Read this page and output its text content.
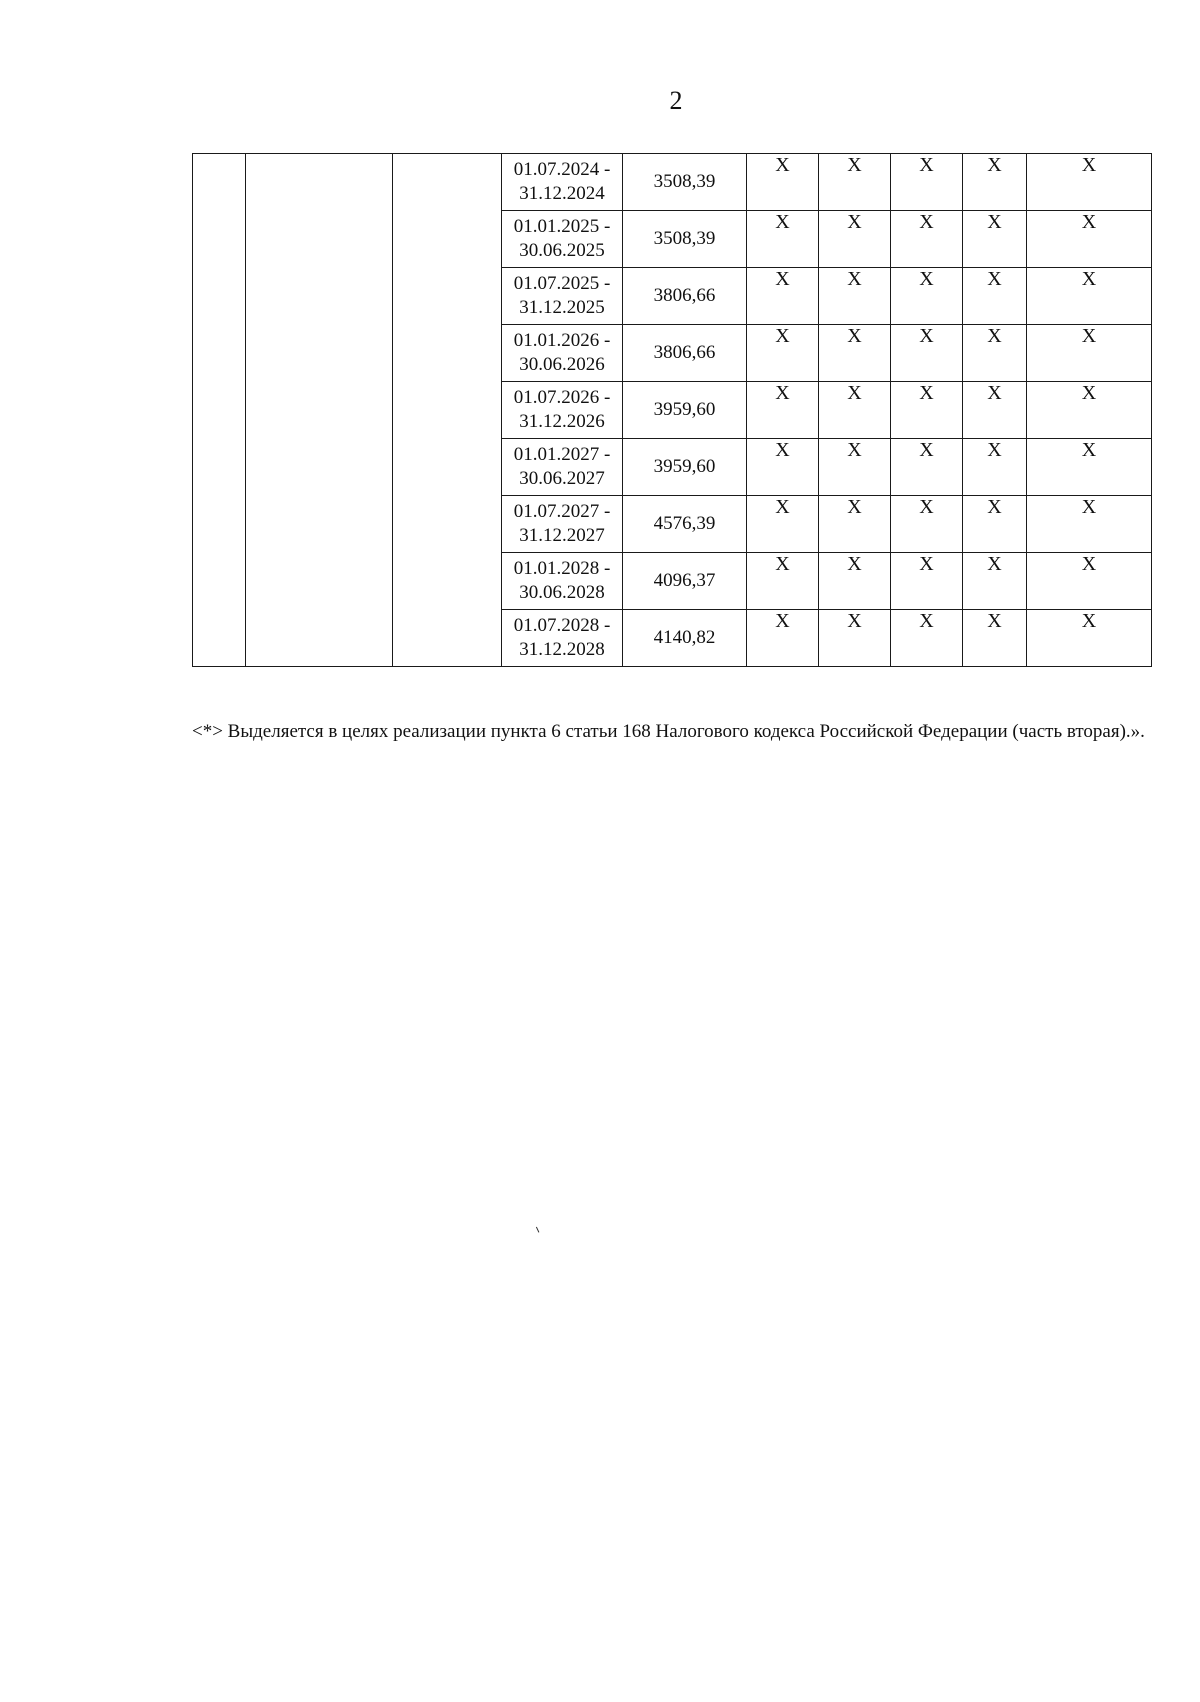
2

			01.07.2024 -
31.12.2024	3508,39	Х	Х	Х	Х	Х

			01.01.2025 -
30.06.2025	3508,39	Х	Х	Х	Х	Х

			01.07.2025 -
31.12.2025	3806,66	Х	Х	Х	Х	Х

			01.01.2026 -
30.06.2026	3806,66	Х	Х	Х	Х	Х

			01.07.2026 -
31.12.2026	3959,60	Х	Х	Х	Х	Х

			01.01.2027 -
30.06.2027	3959,60	Х	Х	Х	Х	Х

			01.07.2027 -
31.12.2027	4576,39	Х	Х	Х	Х	Х

			01.01.2028 -
30.06.2028	4096,37	Х	Х	Х	Х	Х

			01.07.2028 -
31.12.2028	4140,82	Х	Х	Х	Х	Х
<*> Выделяется в целях реализации пункта 6 статьи 168 Налогового кодекса Российской Федерации (часть вторая).».
